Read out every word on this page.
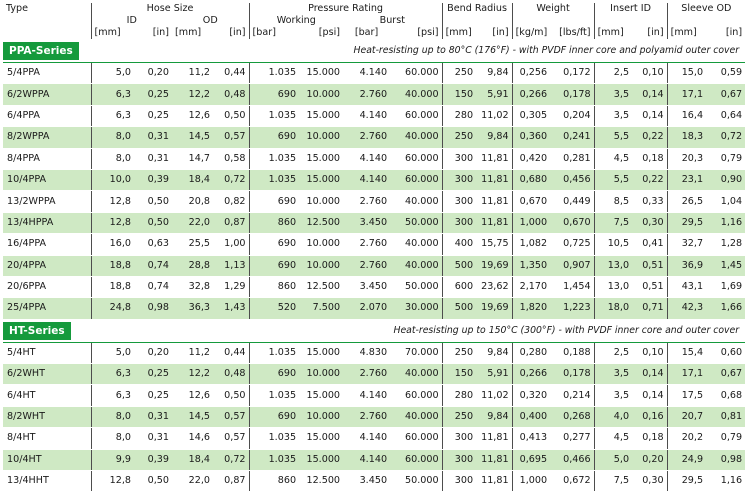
Type	Hose Size				Pressure Rating				Bend Radius		Weight		Insert ID		Sleeve OD	
	ID		OD		Working		Burst									
	[mm]	[in]	[mm]	[in]	[bar]	[psi]	[bar]	[psi]	[mm]	[in]	[kg/m]	[lbs/ft]	[mm]	[in]	[mm]	[in]
PPA-Series Heat-resisting up to 80°C (176°F) - with PVDF inner core and polyamid outer cover																

5/4PPA	5,0	0,20	11,2	0,44	1.035	15.000	4.140	60.000	250	9,84	0,256	0,172	2,5	0,10	15,0	0,59
6/2WPPA	6,3	0,25	12,2	0,48	690	10.000	2.760	40.000	150	5,91	0,266	0,178	3,5	0,14	17,1	0,67
6/4PPA	6,3	0,25	12,6	0,50	1.035	15.000	4.140	60.000	280	11,02	0,305	0,204	3,5	0,14	16,4	0,64
8/2WPPA	8,0	0,31	14,5	0,57	690	10.000	2.760	40.000	250	9,84	0,360	0,241	5,5	0,22	18,3	0,72
8/4PPA	8,0	0,31	14,7	0,58	1.035	15.000	4.140	60.000	300	11,81	0,420	0,281	4,5	0,18	20,3	0,79
10/4PPA	10,0	0,39	18,4	0,72	1.035	15.000	4.140	60.000	300	11,81	0,680	0,456	5,5	0,22	23,1	0,90
13/2WPPA	12,8	0,50	20,8	0,82	690	10.000	2.760	40.000	300	11,81	0,670	0,449	8,5	0,33	26,5	1,04
13/4HPPA	12,8	0,50	22,0	0,87	860	12.500	3.450	50.000	300	11,81	1,000	0,670	7,5	0,30	29,5	1,16
16/4PPA	16,0	0,63	25,5	1,00	690	10.000	2.760	40.000	400	15,75	1,082	0,725	10,5	0,41	32,7	1,28
20/4PPA	18,8	0,74	28,8	1,13	690	10.000	2.760	40.000	500	19,69	1,350	0,907	13,0	0,51	36,9	1,45
20/6PPA	18,8	0,74	32,8	1,29	860	12.500	3.450	50.000	600	23,62	2,170	1,454	13,0	0,51	43,1	1,69
25/4PPA	24,8	0,98	36,3	1,43	520	7.500	2.070	30.000	500	19,69	1,820	1,223	18,0	0,71	42,3	1,66
HT-Series Heat-resisting up to 150°C (300°F) - with PVDF inner core and outer cover																

5/4HT	5,0	0,20	11,2	0,44	1.035	15.000	4.830	70.000	250	9,84	0,280	0,188	2,5	0,10	15,4	0,60
6/2WHT	6,3	0,25	12,2	0,48	690	10.000	2.760	40.000	150	5,91	0,266	0,178	3,5	0,14	17,1	0,67
6/4HT	6,3	0,25	12,6	0,50	1.035	15.000	4.140	60.000	280	11,02	0,320	0,214	3,5	0,14	17,5	0,68
8/2WHT	8,0	0,31	14,5	0,57	690	10.000	2.760	40.000	250	9,84	0,400	0,268	4,0	0,16	20,7	0,81
8/4HT	8,0	0,31	14,6	0,57	1.035	15.000	4.140	60.000	300	11,81	0,413	0,277	4,5	0,18	20,2	0,79
10/4HT	9,9	0,39	18,4	0,72	1.035	15.000	4.140	60.000	300	11,81	0,695	0,466	5,0	0,20	24,9	0,98
13/4HHT	12,8	0,50	22,0	0,87	860	12.500	3.450	50.000	300	11,81	1,000	0,672	7,5	0,30	29,5	1,16
